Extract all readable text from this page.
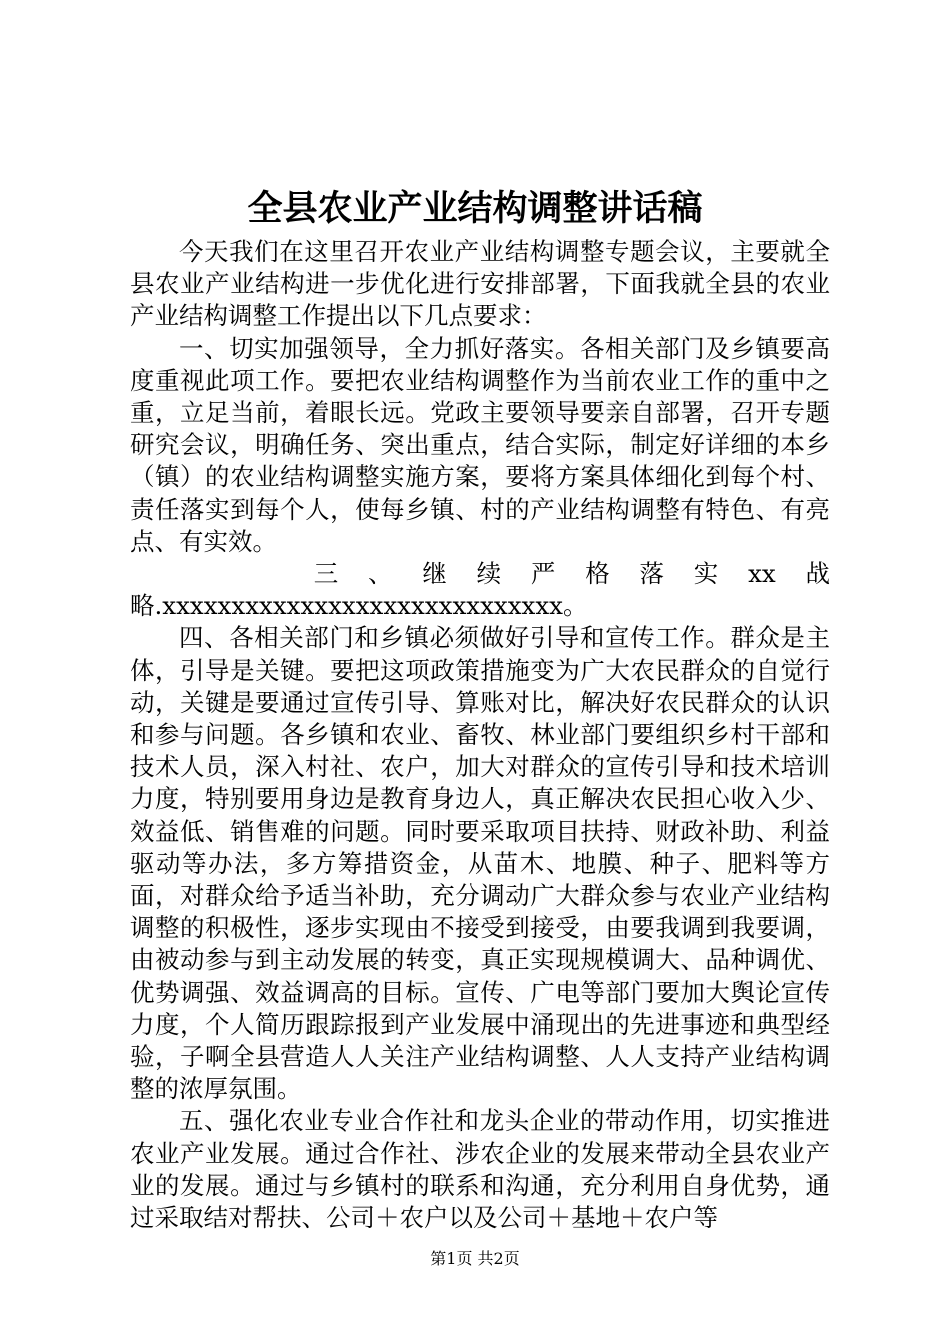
全县农业产业结构调整讲话稿

今天我们在这里召开农业产业结构调整专题会议，主要就全县农业产业结构进一步优化进行安排部署，下面我就全县的农业产业结构调整工作提出以下几点要求：

一、切实加强领导，全力抓好落实。各相关部门及乡镇要高度重视此项工作。要把农业结构调整作为当前农业工作的重中之重，立足当前，着眼长远。党政主要领导要亲自部署，召开专题研究会议，明确任务、突出重点，结合实际，制定好详细的本乡（镇）的农业结构调整实施方案，要将方案具体细化到每个村、责任落实到每个人，使每乡镇、村的产业结构调整有特色、有亮点、有实效。

三、继续严格落实xx战

略.xxxxxxxxxxxxxxxxxxxxxxxxxxxxx。

四、各相关部门和乡镇必须做好引导和宣传工作。群众是主体，引导是关键。要把这项政策措施变为广大农民群众的自觉行动，关键是要通过宣传引导、算账对比，解决好农民群众的认识和参与问题。各乡镇和农业、畜牧、林业部门要组织乡村干部和技术人员，深入村社、农户，加大对群众的宣传引导和技术培训力度，特别要用身边是教育身边人，真正解决农民担心收入少、效益低、销售难的问题。同时要采取项目扶持、财政补助、利益驱动等办法，多方筹措资金，从苗木、地膜、种子、肥料等方面，对群众给予适当补助，充分调动广大群众参与农业产业结构调整的积极性，逐步实现由不接受到接受，由要我调到我要调，由被动参与到主动发展的转变，真正实现规模调大、品种调优、优势调强、效益调高的目标。宣传、广电等部门要加大舆论宣传力度，个人简历跟踪报到产业发展中涌现出的先进事迹和典型经验，子啊全县营造人人关注产业结构调整、人人支持产业结构调整的浓厚氛围。

五、强化农业专业合作社和龙头企业的带动作用，切实推进农业产业发展。通过合作社、涉农企业的发展来带动全县农业产业的发展。通过与乡镇村的联系和沟通，充分利用自身优势，通过采取结对帮扶、公司＋农户以及公司＋基地＋农户等

第1页 共2页
